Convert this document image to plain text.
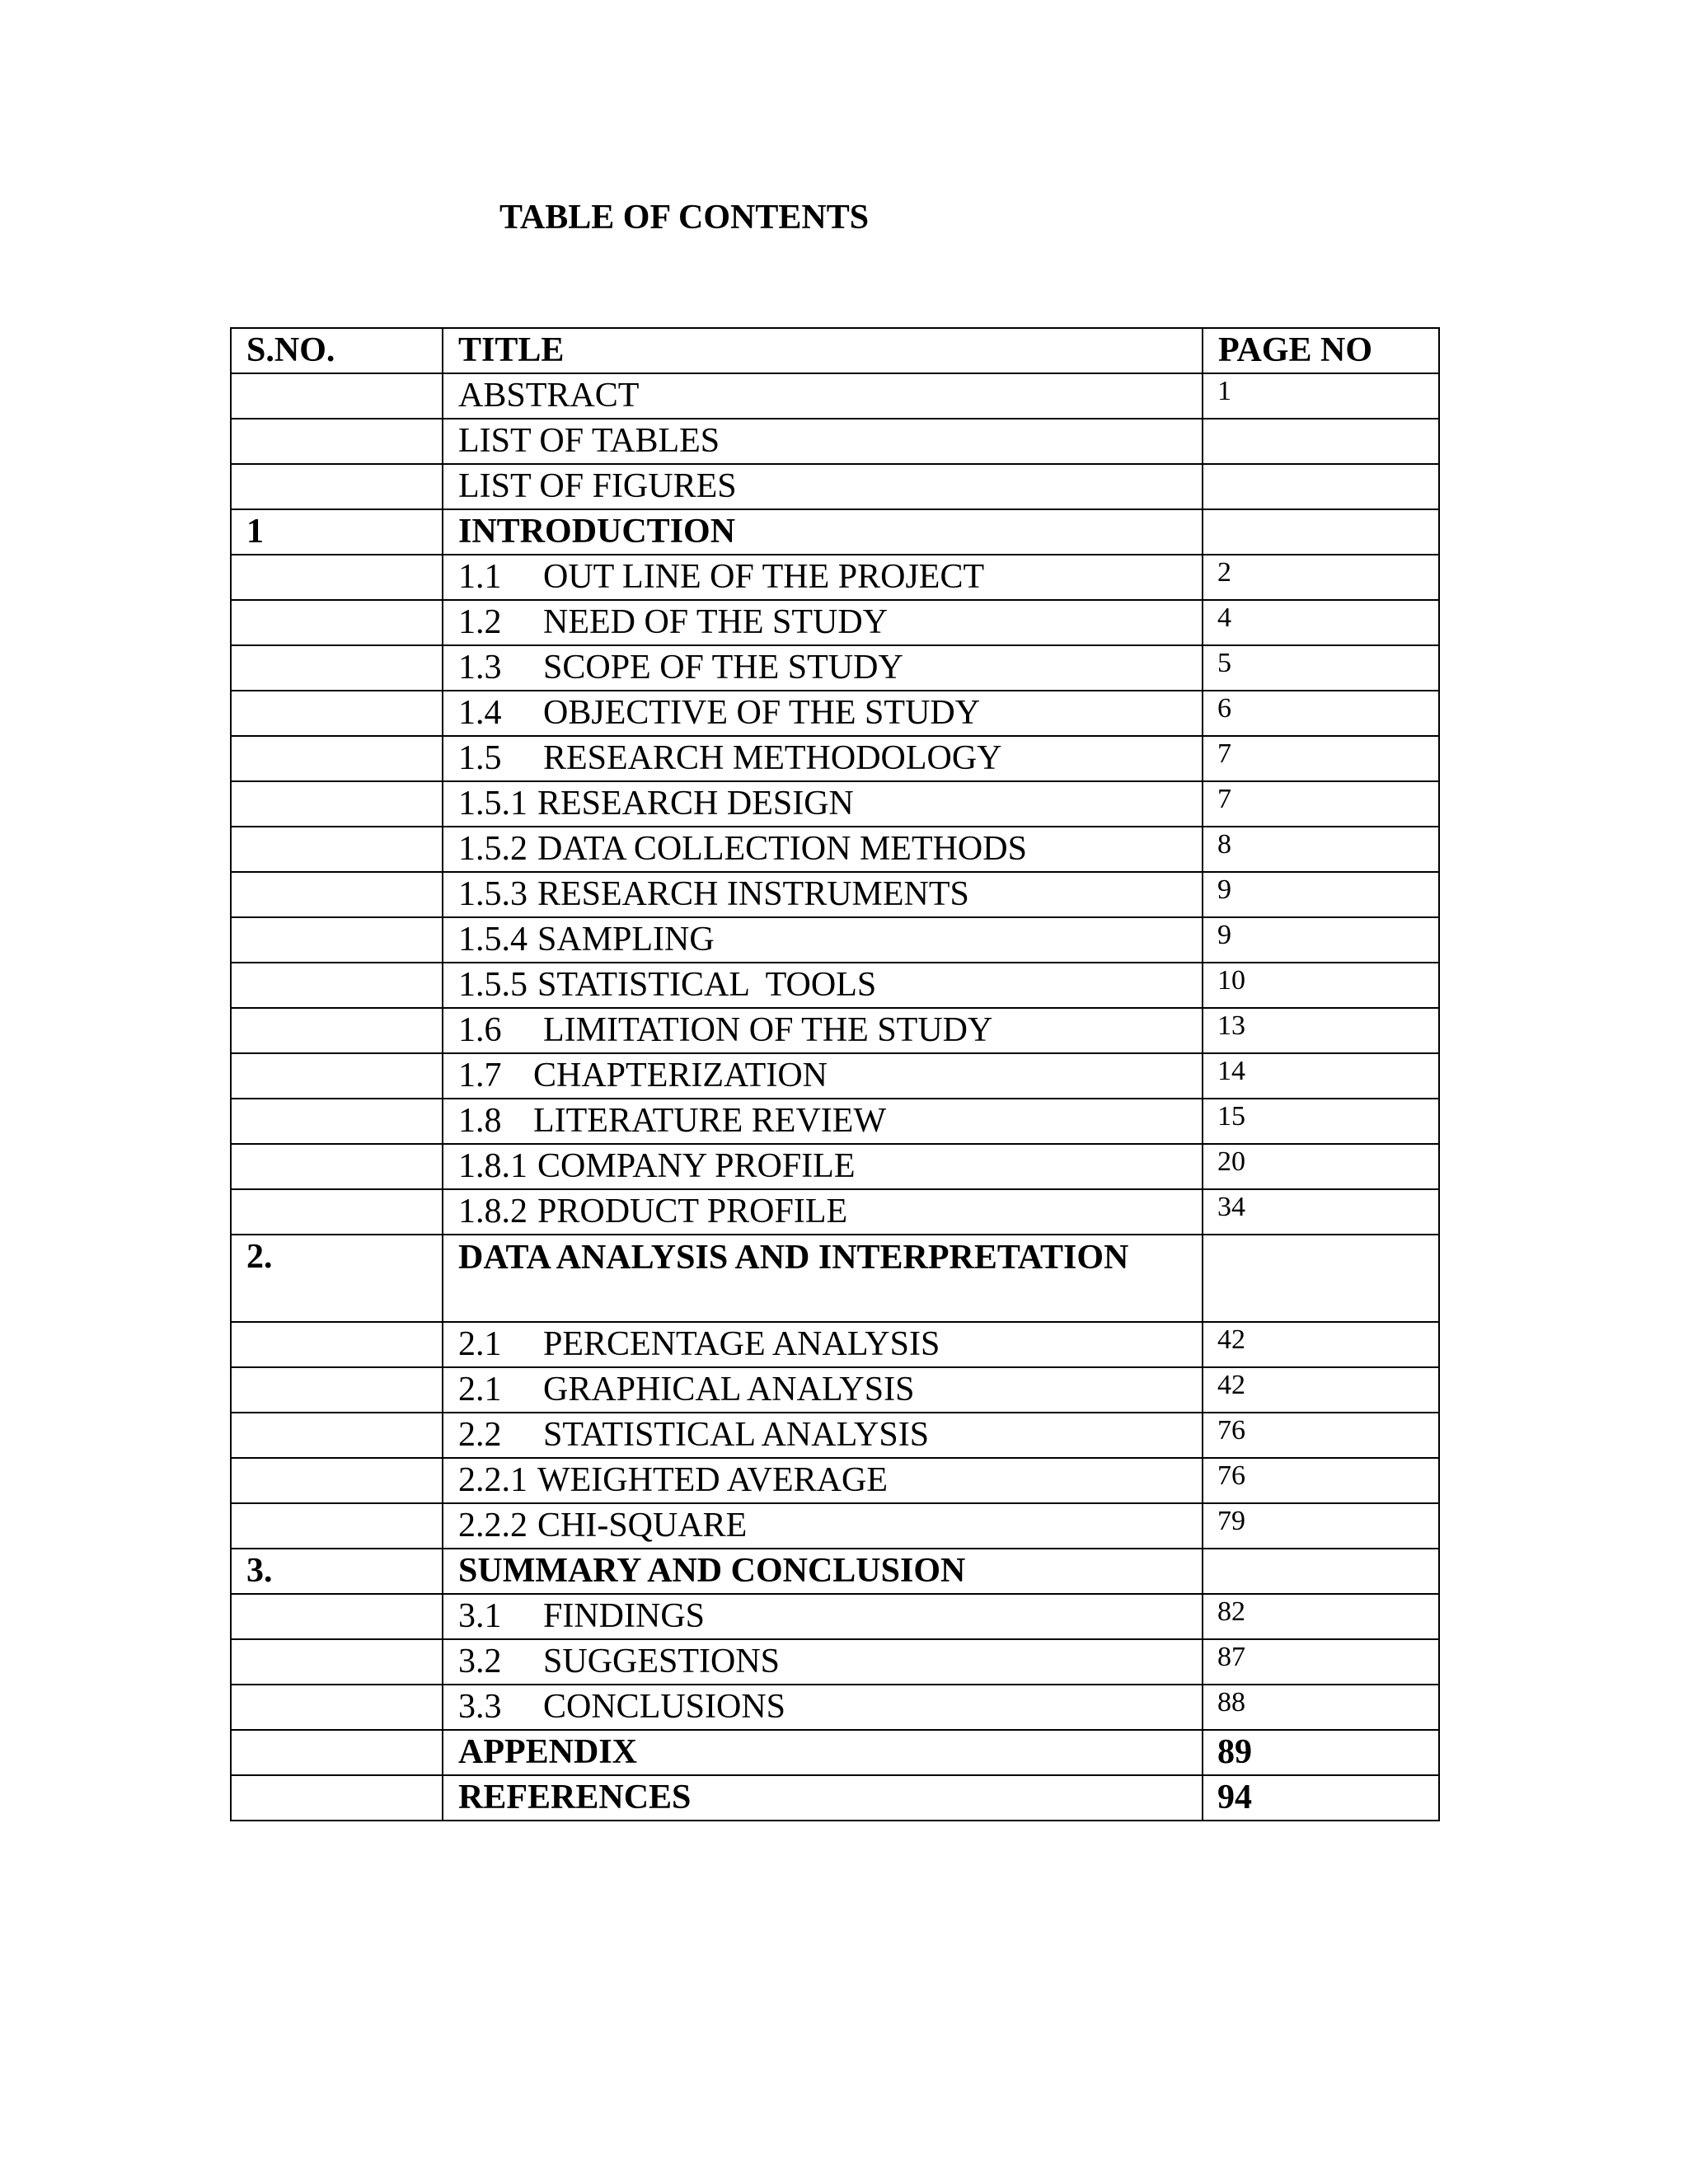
TABLE OF CONTENTS
S.NO.	TITLE	PAGE NO
	ABSTRACT	1
	LIST OF TABLES	
	LIST OF FIGURES	
1	INTRODUCTION	
	1.1 OUT LINE OF THE PROJECT	2
	1.2 NEED OF THE STUDY	4
	1.3 SCOPE OF THE STUDY	5
	1.4 OBJECTIVE OF THE STUDY	6
	1.5 RESEARCH METHODOLOGY	7
	1.5.1 RESEARCH DESIGN	7
	1.5.2 DATA COLLECTION METHODS	8
	1.5.3 RESEARCH INSTRUMENTS	9
	1.5.4 SAMPLING	9
	1.5.5 STATISTICAL  TOOLS	10
	1.6 LIMITATION OF THE STUDY	13
	1.7 CHAPTERIZATION	14
	1.8 LITERATURE REVIEW	15
	1.8.1 COMPANY PROFILE	20
	1.8.2 PRODUCT PROFILE	34
2.	DATA ANALYSIS AND INTERPRETATION	
	2.1 PERCENTAGE ANALYSIS	42
	2.1 GRAPHICAL ANALYSIS	42
	2.2 STATISTICAL ANALYSIS	76
	2.2.1 WEIGHTED AVERAGE	76
	2.2.2 CHI-SQUARE	79
3.	SUMMARY AND CONCLUSION	
	3.1 FINDINGS	82
	3.2 SUGGESTIONS	87
	3.3 CONCLUSIONS	88
	APPENDIX	89
	REFERENCES	94
